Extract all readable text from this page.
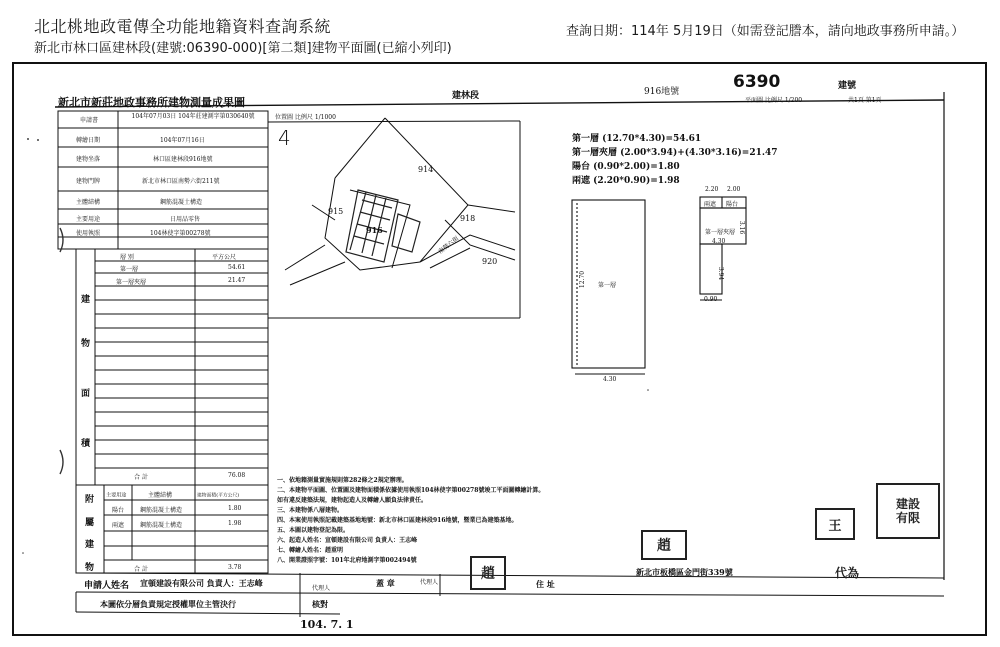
北北桃地政電傳全功能地籍資料查詢系統
新北市林口區建林段(建號:06390-000)[第二類]建物平面圖(已縮小列印)
查詢日期：114年 5月19日（如需登記謄本，請向地政事務所申請。）
新北市新莊地政事務所建物測量成果圖	建林段	916地號	6390	建號
位置圖 比例尺 1/1000
平面圖 比例尺 1/200	共1頁 第1頁
申請書
104年07月03日 104年莊建測字第030640號
轉繪日期	104年07月16日
建物坐落	林口區建林段916地號
建物門牌	新北市林口區南勢六街211號
主體結構	鋼筋混凝土構造
主要用途	日用品零售
使用執照	104林使字第00278號
層 別	平方公尺
第一層	54.61
第一層夾層	21.47
建
物
面
積
合 計	76.08
附
屬
建
物
主要用途	主體結構	建物面積(平方公尺)
陽台	鋼筋混凝土構造	1.80
兩遮	鋼筋混凝土構造	1.98
合 計	3.78
申請人姓名 宣頓建設有限公司 負責人：王志峰
代理人
蓋 章	代理人	住 址
新北市板橋區金門街339號
本圖依分層負責規定授權單位主管決行	核對
104. 7. 1
4
914
915
916
918
920
南勢六街
第一層 (12.70*4.30)=54.61
第一層夾層 (2.00*3.94)+(4.30*3.16)=21.47
陽台 (0.90*2.00)=1.80
兩遮 (2.20*0.90)=1.98
第一層
12.70
4.30
2.20 2.00
兩遮 陽台
第一層夾層 3.16
4.30
3.94
0.90
一、依地籍測量實施規則第282條之2規定辦理。
二、本建物平面圖、位置圖及建物面積係依據使用執照104林使字第00278號竣工平面圖轉繪計算。
如有違反建築法規，建物起造人及轉繪人願負法律責任。
三、本建物係八層建物。
四、本案使用執照記載建築基地地號：新北市林口區建林段916地號，暨業已為建築基地。
五、本圖以建物登記為限。
六、起造人姓名：宣頓建設有限公司 負責人：王志峰
七、轉繪人姓名：趙重明
八、開業證照字號：101年北府地測字第002494號
趙
趙
王
建設
有限
代為
